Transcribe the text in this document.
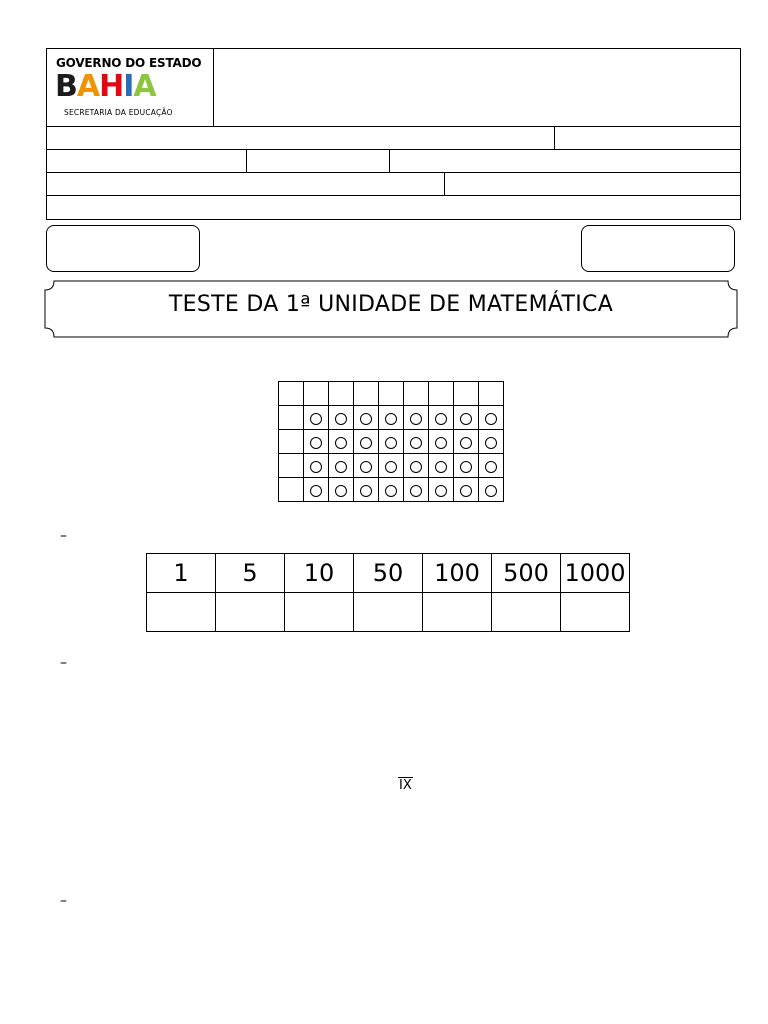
GOVERNO DO ESTADO
BAHIA
SECRETARIA DA EDUCAÇÃO
TESTE DA 1ª UNIDADE DE MATEMÁTICA

–
–
–
1	5	10	50	100	500	1000

IX
